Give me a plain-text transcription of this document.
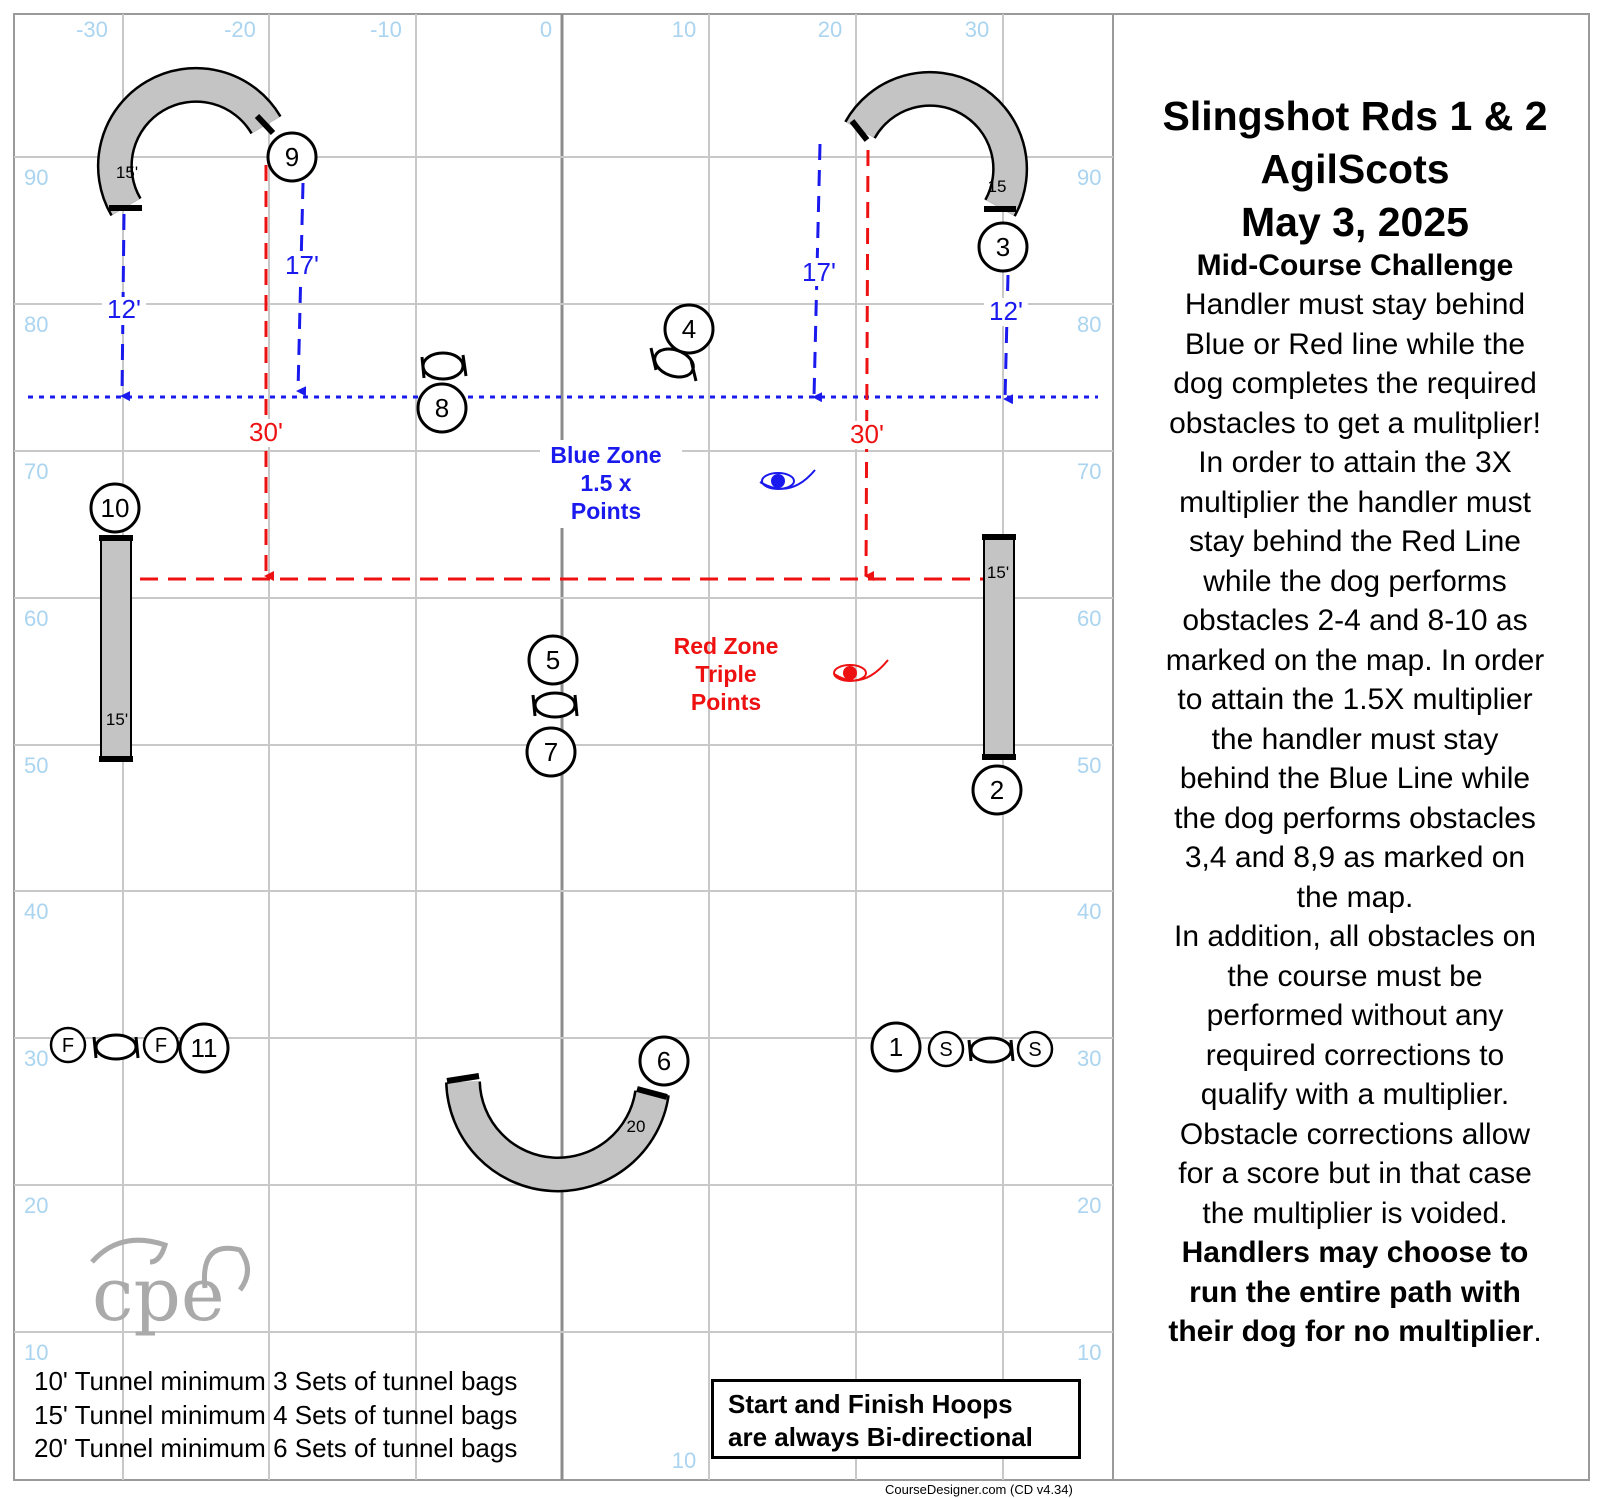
-30	-20	-10	0	10	20	30
10
90
80
70
60
50
40
30
20
10
90
80
70
60
50
40
30
20
10
12'
17'
30'
17'
30'
12'
Blue Zone
1.5 x
Points
Red Zone
Triple
Points
15'
15
15'
15'
20
F	F	S	S
1
2
3
4
5
6
7
8
9
10
11
cpe
Slingshot Rds 1 & 2
AgilScots
May 3, 2025
Mid-Course Challenge
Handler must stay behind
Blue or Red line while the
dog completes the required
obstacles to get a mulitplier!
In order to attain the 3X
multiplier the handler must
stay behind the Red Line
while the dog performs
obstacles 2-4 and 8-10 as
marked on the map. In order
to attain the 1.5X multiplier
the handler must stay
behind the Blue Line while
the dog performs obstacles
3,4 and 8,9 as marked on
the map.
In addition, all obstacles on
the course must be
performed without any
required corrections to
qualify with a multiplier.
Obstacle corrections allow
for a score but in that case
the multiplier is voided.
Handlers may choose to
run the entire path with
their dog for no multiplier.
10' Tunnel minimum 3 Sets of tunnel bags
15' Tunnel minimum 4 Sets of tunnel bags
20' Tunnel minimum 6 Sets of tunnel bags
Start and Finish Hoops
are always Bi-directional
CourseDesigner.com (CD v4.34)
